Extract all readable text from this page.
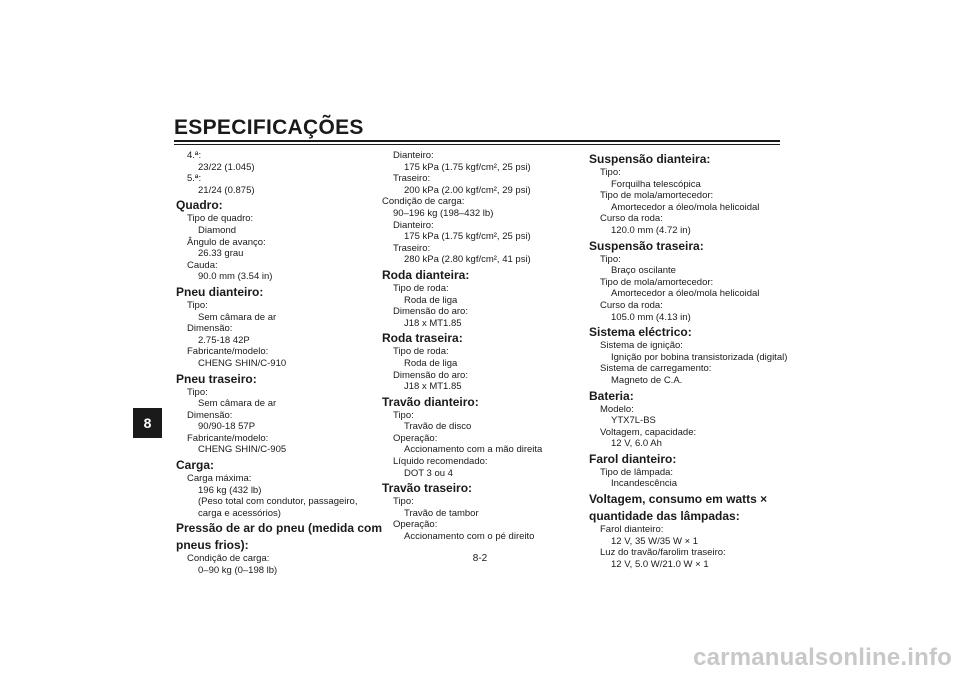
ESPECIFICAÇÕES
8
4.ª:
23/22 (1.045)
5.ª:
21/24 (0.875)
Quadro:
Tipo de quadro:
Diamond
Ângulo de avanço:
26.33 grau
Cauda:
90.0 mm (3.54 in)
Pneu dianteiro:
Tipo:
Sem câmara de ar
Dimensão:
2.75-18 42P
Fabricante/modelo:
CHENG SHIN/C-910
Pneu traseiro:
Tipo:
Sem câmara de ar
Dimensão:
90/90-18 57P
Fabricante/modelo:
CHENG SHIN/C-905
Carga:
Carga máxima:
196 kg (432 lb)
(Peso total com condutor, passageiro,
carga e acessórios)
Pressão de ar do pneu (medida com
pneus frios):
Condição de carga:
0–90 kg (0–198 lb)
Dianteiro:
175 kPa (1.75 kgf/cm², 25 psi)
Traseiro:
200 kPa (2.00 kgf/cm², 29 psi)
Condição de carga:
90–196 kg (198–432 lb)
Dianteiro:
175 kPa (1.75 kgf/cm², 25 psi)
Traseiro:
280 kPa (2.80 kgf/cm², 41 psi)
Roda dianteira:
Tipo de roda:
Roda de liga
Dimensão do aro:
J18 x MT1.85
Roda traseira:
Tipo de roda:
Roda de liga
Dimensão do aro:
J18 x MT1.85
Travão dianteiro:
Tipo:
Travão de disco
Operação:
Accionamento com a mão direita
Líquido recomendado:
DOT 3 ou 4
Travão traseiro:
Tipo:
Travão de tambor
Operação:
Accionamento com o pé direito
Suspensão dianteira:
Tipo:
Forquilha telescópica
Tipo de mola/amortecedor:
Amortecedor a óleo/mola helicoidal
Curso da roda:
120.0 mm (4.72 in)
Suspensão traseira:
Tipo:
Braço oscilante
Tipo de mola/amortecedor:
Amortecedor a óleo/mola helicoidal
Curso da roda:
105.0 mm (4.13 in)
Sistema eléctrico:
Sistema de ignição:
Ignição por bobina transistorizada (digital)
Sistema de carregamento:
Magneto de C.A.
Bateria:
Modelo:
YTX7L-BS
Voltagem, capacidade:
12 V, 6.0 Ah
Farol dianteiro:
Tipo de lâmpada:
Incandescência
Voltagem, consumo em watts ×
quantidade das lâmpadas:
Farol dianteiro:
12 V, 35 W/35 W × 1
Luz do travão/farolim traseiro:
12 V, 5.0 W/21.0 W × 1
8-2
carmanualsonline.info
